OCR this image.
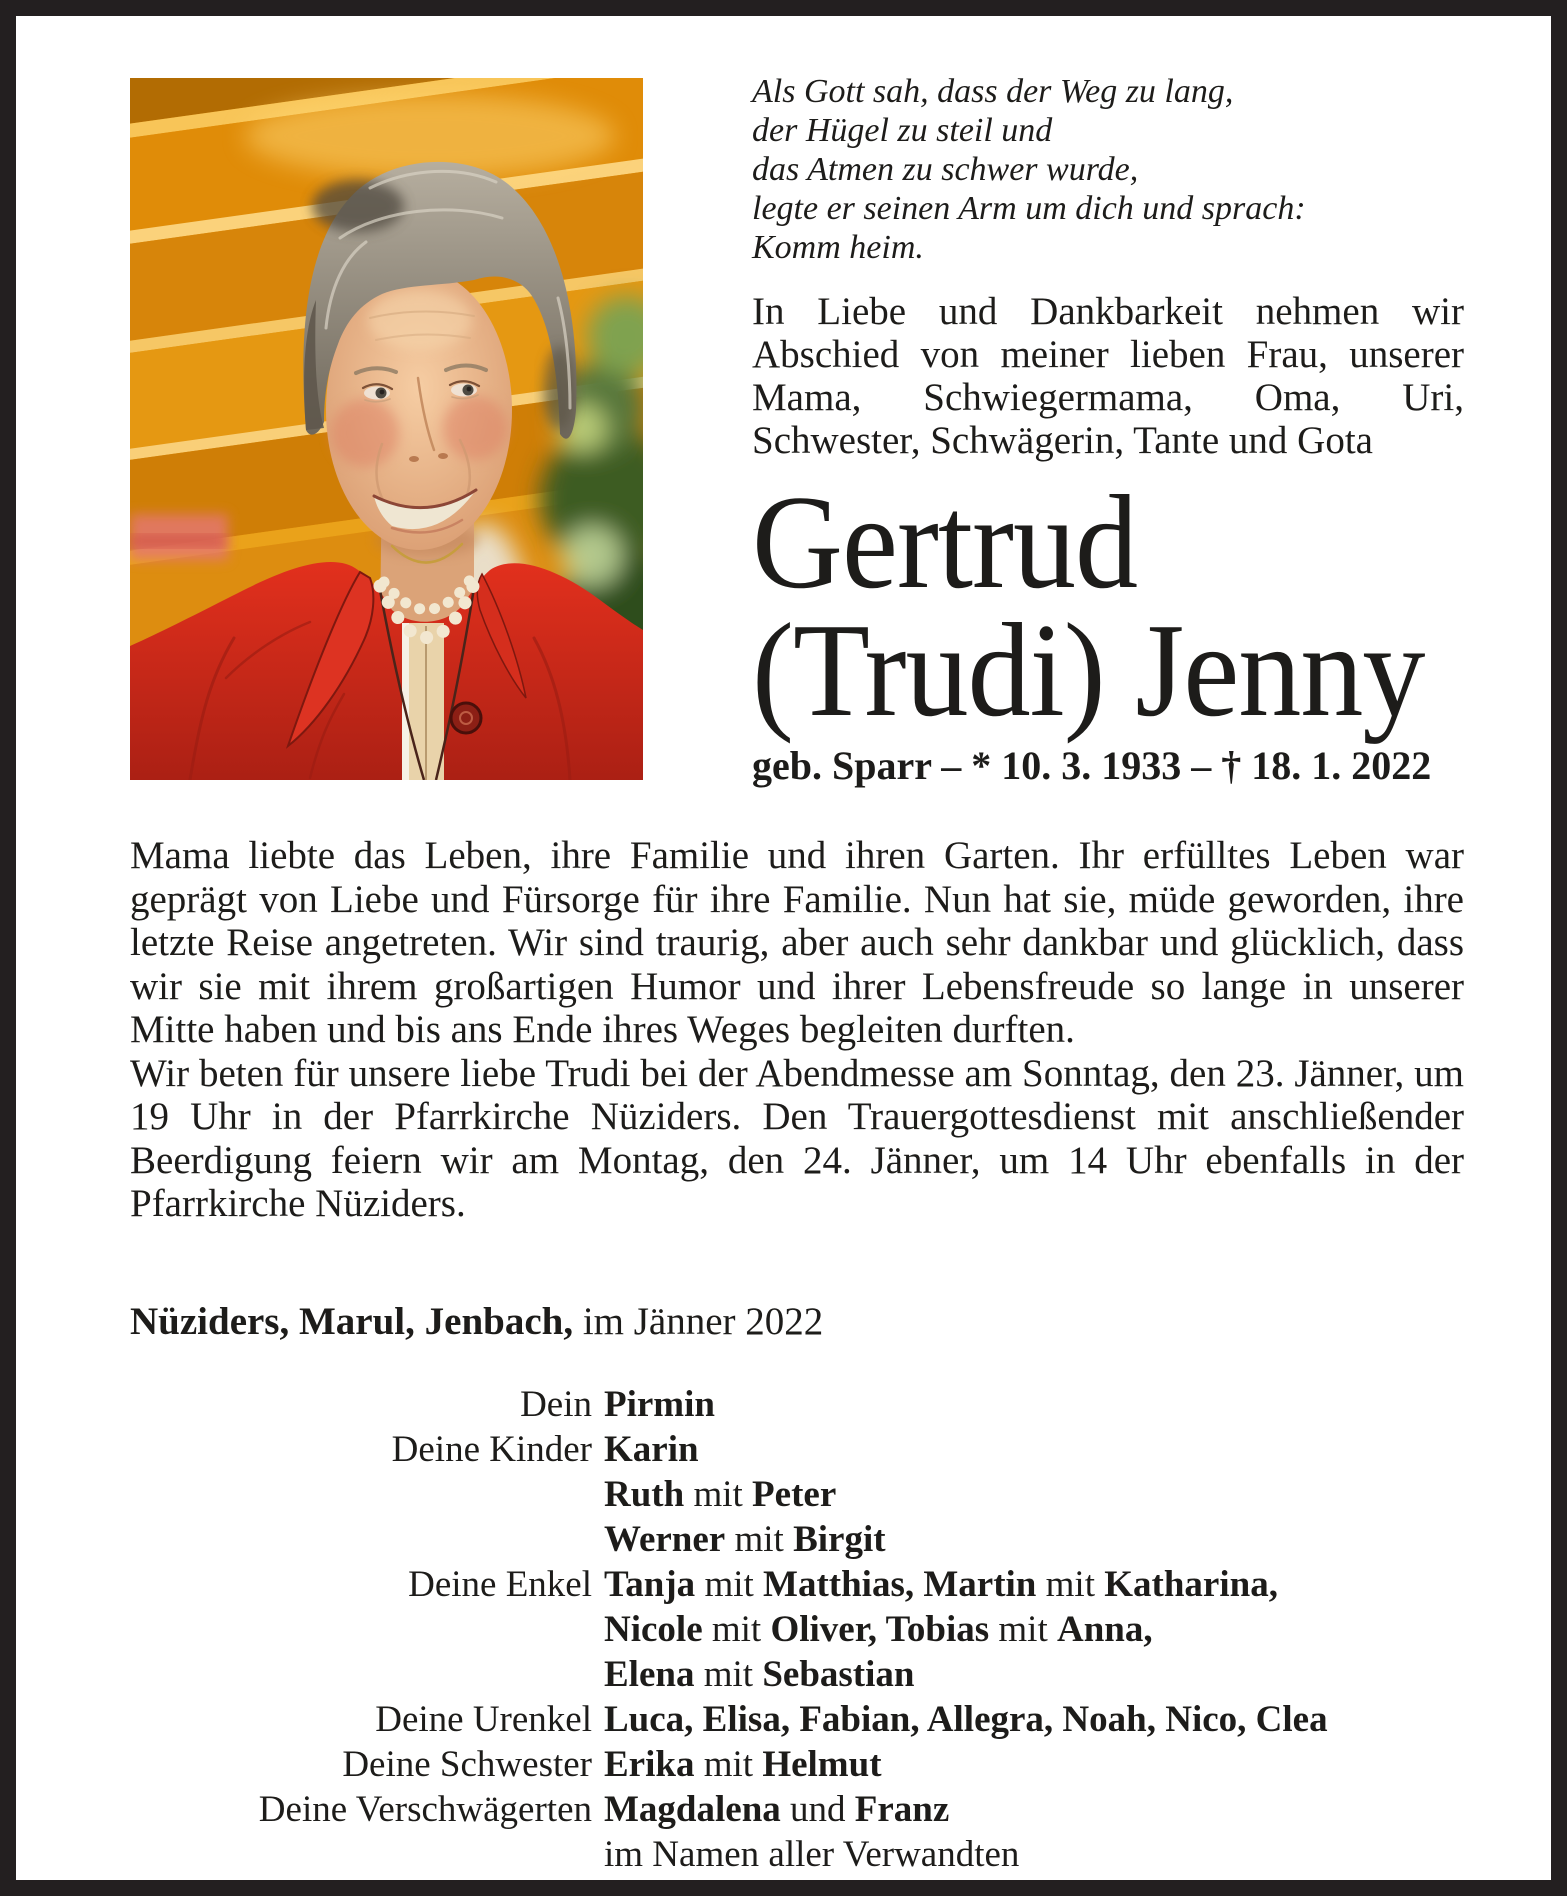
Als Gott sah, dass der Weg zu lang,
der Hügel zu steil und
das Atmen zu schwer wurde,
legte er seinen Arm um dich und sprach:
Komm heim.
In Liebe und Dankbarkeit nehmen wir Abschied von meiner lieben Frau, unserer Mama, Schwiegermama, Oma, Uri, Schwester, Schwägerin, Tante und Gota
Gertrud
(Trudi) Jenny
geb. Sparr – * 10. 3. 1933 – † 18. 1. 2022

Mama liebte das Leben, ihre Familie und ihren Garten. Ihr erfülltes Leben war geprägt von Liebe und Fürsorge für ihre Familie. Nun hat sie, müde geworden, ihre letzte Reise angetreten. Wir sind traurig, aber auch sehr dankbar und glücklich, dass wir sie mit ihrem großartigen Humor und ihrer Lebensfreude so lange in unserer Mitte haben und bis ans Ende ihres Weges begleiten durften.

Wir beten für unsere liebe Trudi bei der Abendmesse am Sonntag, den 23. Jänner, um 19 Uhr in der Pfarrkirche Nüziders. Den Trauergottesdienst mit anschließender Beerdigung feiern wir am Montag, den 24. Jänner, um 14 Uhr ebenfalls in der Pfarrkirche Nüziders.

Nüziders, Marul, Jenbach, im Jänner 2022
Dein Pirmin
Deine Kinder Karin
Ruth mit Peter
Werner mit Birgit
Deine Enkel Tanja mit Matthias, Martin mit Katharina,
Nicole mit Oliver, Tobias mit Anna,
Elena mit Sebastian
Deine Urenkel Luca, Elisa, Fabian, Allegra, Noah, Nico, Clea
Deine Schwester Erika mit Helmut
Deine Verschwägerten Magdalena und Franz
im Namen aller Verwandten
